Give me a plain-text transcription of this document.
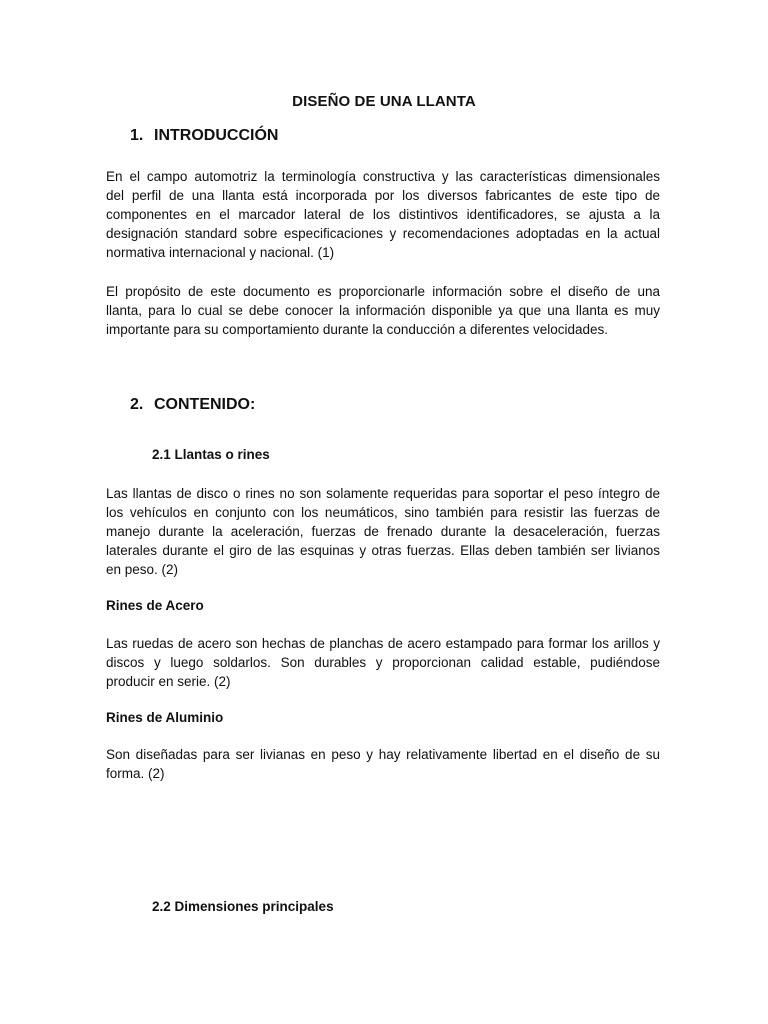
DISEÑO DE UNA LLANTA
1. INTRODUCCIÓN
En el campo automotriz la terminología constructiva y las características dimensionales
del perfil de una llanta está incorporada por los diversos fabricantes de este tipo de
componentes en el marcador lateral de los distintivos identificadores, se ajusta a la
designación standard sobre especificaciones y recomendaciones adoptadas en la actual
normativa internacional y nacional. (1)
El propósito de este documento es proporcionarle información sobre el diseño de una
llanta, para lo cual se debe conocer la información disponible ya que una llanta es muy
importante para su comportamiento durante la conducción a diferentes velocidades.
2. CONTENIDO:
2.1 Llantas o rines
Las llantas de disco o rines no son solamente requeridas para soportar el peso íntegro de
los vehículos en conjunto con los neumáticos, sino también para resistir las fuerzas de
manejo durante la aceleración, fuerzas de frenado durante la desaceleración, fuerzas
laterales durante el giro de las esquinas y otras fuerzas. Ellas deben también ser livianos
en peso. (2)
Rines de Acero
Las ruedas de acero son hechas de planchas de acero estampado para formar los arillos y
discos y luego soldarlos. Son durables y proporcionan calidad estable, pudiéndose
producir en serie. (2)
Rines de Aluminio
Son diseñadas para ser livianas en peso y hay relativamente libertad en el diseño de su
forma. (2)
2.2 Dimensiones principales
